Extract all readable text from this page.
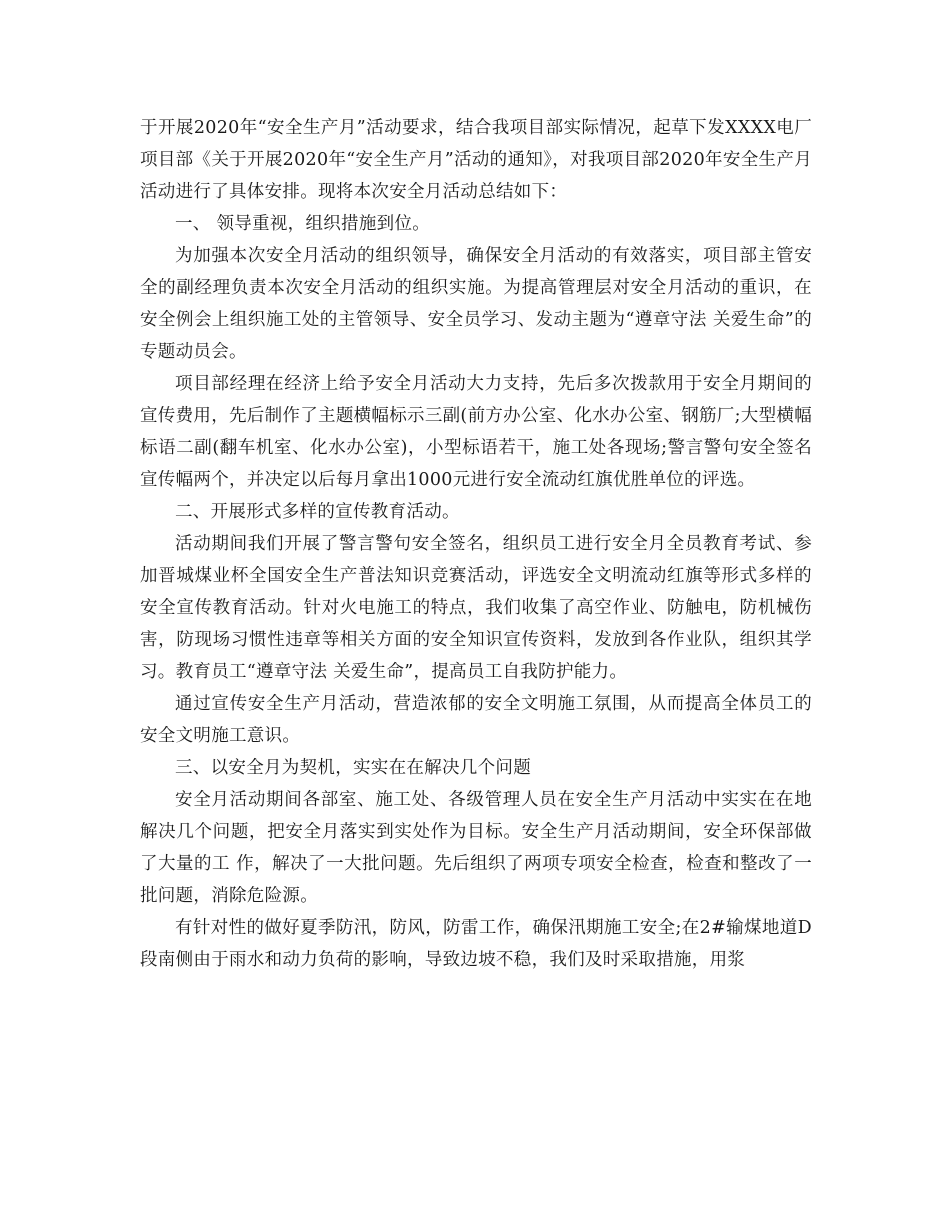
于开展2020年“安全生产月”活动要求，结合我项目部实际情况，起草下发XXXX电厂项目部《关于开展2020年“安全生产月”活动的通知》，对我项目部2020年安全生产月活动进行了具体安排。现将本次安全月活动总结如下：

一、 领导重视，组织措施到位。

为加强本次安全月活动的组织领导，确保安全月活动的有效落实，项目部主管安全的副经理负责本次安全月活动的组织实施。为提高管理层对安全月活动的重识，在安全例会上组织施工处的主管领导、安全员学习、发动主题为“遵章守法 关爱生命”的专题动员会。

项目部经理在经济上给予安全月活动大力支持，先后多次拨款用于安全月期间的宣传费用，先后制作了主题横幅标示三副(前方办公室、化水办公室、钢筋厂;大型横幅标语二副(翻车机室、化水办公室)，小型标语若干，施工处各现场;警言警句安全签名宣传幅两个，并决定以后每月拿出1000元进行安全流动红旗优胜单位的评选。

二、开展形式多样的宣传教育活动。

活动期间我们开展了警言警句安全签名，组织员工进行安全月全员教育考试、参加晋城煤业杯全国安全生产普法知识竞赛活动，评选安全文明流动红旗等形式多样的安全宣传教育活动。针对火电施工的特点，我们收集了高空作业、防触电，防机械伤害，防现场习惯性违章等相关方面的安全知识宣传资料，发放到各作业队，组织其学习。教育员工“遵章守法 关爱生命”，提高员工自我防护能力。

通过宣传安全生产月活动，营造浓郁的安全文明施工氛围，从而提高全体员工的安全文明施工意识。

三、以安全月为契机，实实在在解决几个问题

安全月活动期间各部室、施工处、各级管理人员在安全生产月活动中实实在在地解决几个问题，把安全月落实到实处作为目标。安全生产月活动期间，安全环保部做了大量的工 作，解决了一大批问题。先后组织了两项专项安全检查，检查和整改了一批问题，消除危险源。

有针对性的做好夏季防汛，防风，防雷工作，确保汛期施工安全;在2#输煤地道D段南侧由于雨水和动力负荷的影响，导致边坡不稳，我们及时采取措施，用浆
